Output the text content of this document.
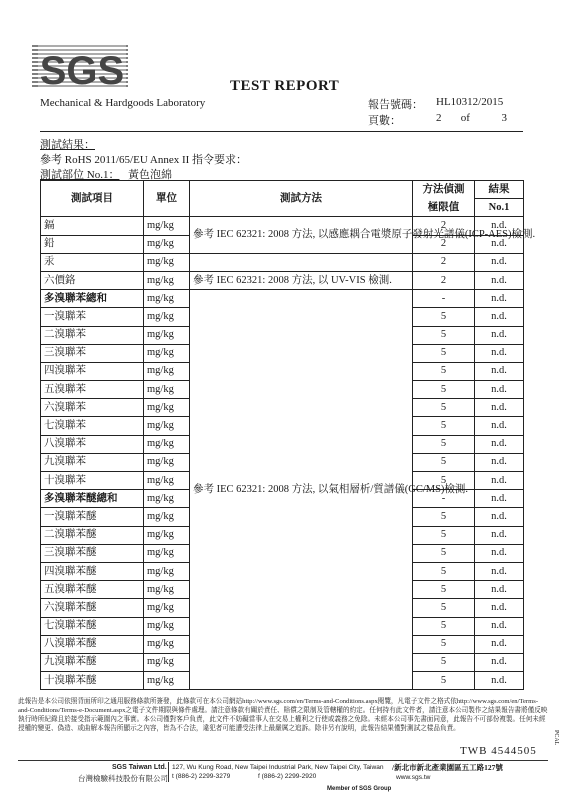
SGS
Mechanical & Hardgoods Laboratory
TEST REPORT
報告號碼： HL10312/2015
頁數：	2 of	3
測試結果：
參考 RoHS 2011/65/EU Annex II 指令要求：
測試部位 No.1： 黃色泡綿
測試項目	單位	測試方法	方法偵測	結果
			極限值	No.1
鎘	mg/kg	參考 IEC 62321: 2008 方法, 以感應耦合電漿原子發射光譜儀(ICP-AES)檢測.	2	n.d.
鉛	mg/kg		2	n.d.
汞	mg/kg		2	n.d.
六價鉻	mg/kg	參考 IEC 62321: 2008 方法, 以 UV-VIS 檢測.	2	n.d.
多溴聯苯總和	mg/kg	參考 IEC 62321: 2008 方法, 以氣相層析/質譜儀(GC/MS)檢測.	-	n.d.
一溴聯苯	mg/kg		5	n.d.
二溴聯苯	mg/kg		5	n.d.
三溴聯苯	mg/kg		5	n.d.
四溴聯苯	mg/kg		5	n.d.
五溴聯苯	mg/kg		5	n.d.
六溴聯苯	mg/kg		5	n.d.
七溴聯苯	mg/kg		5	n.d.
八溴聯苯	mg/kg		5	n.d.
九溴聯苯	mg/kg		5	n.d.
十溴聯苯	mg/kg		5	n.d.
多溴聯苯醚總和	mg/kg		-	n.d.
一溴聯苯醚	mg/kg		5	n.d.
二溴聯苯醚	mg/kg		5	n.d.
三溴聯苯醚	mg/kg		5	n.d.
四溴聯苯醚	mg/kg		5	n.d.
五溴聯苯醚	mg/kg		5	n.d.
六溴聯苯醚	mg/kg		5	n.d.
七溴聯苯醚	mg/kg		5	n.d.
八溴聯苯醚	mg/kg		5	n.d.
九溴聯苯醚	mg/kg		5	n.d.
十溴聯苯醚	mg/kg		5	n.d.
此報告是本公司依照背面所印之通用服務條款所簽發，此條款可在本公司網站http://www.sgs.com/en/Terms-and-Conditions.aspx閱覽，凡電子文件之格式依http://www.sgs.com/en/Terms-and-Conditions/Terms-e-Document.aspx之電子文件期限與條件處理。請注意條款有關於責任、賠償之限制及管轄權的約定。任何持有此文件者，請注意本公司製作之結果報告書將僅反映執行時所紀錄且於接受指示範圍內之事實。本公司僅對客戶負責，此文件不妨礙當事人在交易上權利之行使或義務之免除。未經本公司事先書面同意，此報告不可部份複製。任何未經授權的變更、偽造、或曲解本報告所顯示之內容，皆為不合法，違犯者可能遭受法律上最嚴厲之追訴。除非另有說明，此報告結果僅對測試之樣品負責。
TWB 4544505
PCAL
SGS Taiwan Ltd.
台灣檢驗科技股份有限公司
127, Wu Kung Road, New Taipei Industrial Park, New Taipei City, Taiwan /新北市新北產業園區五工路127號
t (886-2) 2299-3279	f (886-2) 2299-2920	www.sgs.tw
Member of SGS Group
